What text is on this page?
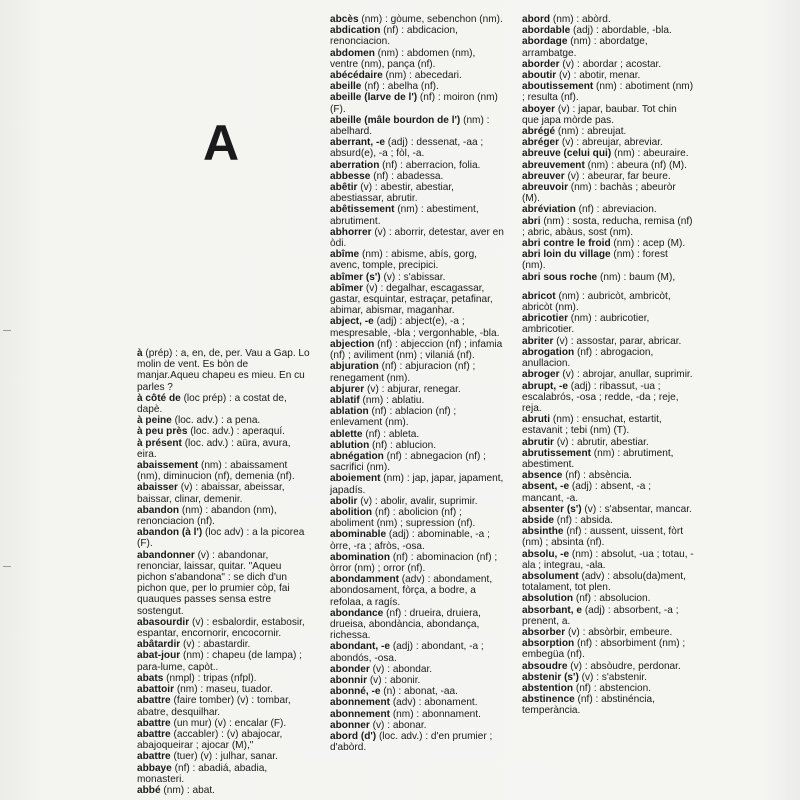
A
à (prép) : a, en, de, per. Vau a Gap. Lo molin de vent. Es bòn de manjar.Aqueu chapeu es mieu. En cu parles ?
à côté de (loc prép) : a costat de, dapè.
à peine (loc. adv.) : a pena.
à peu près (loc. adv.) : aperaquí.
à présent (loc. adv.) : aüra, avura, eira.
abaissement (nm) : abaissament (nm), diminucion (nf), demenia (nf).
abaisser (v) : abaissar, abeissar, baissar, clinar, demenir.
abandon (nm) : abandon (nm), renonciacion (nf).
abandon (à l') (loc adv) : a la picorea (F).
abandonner (v) : abandonar, renonciar, laissar, quitar. "Aqueu pichon s'abandona" : se dich d'un pichon que, per lo prumier còp, fai quauques passes sensa estre sostengut.
abasourdir (v) : esbalordir, estabosir, espantar, encornorir, encocornir.
abâtardir (v) : abastardir.
abat-jour (nm) : chapeu (de lampa) ; para-lume, capòt..
abats (nmpl) : tripas (nfpl).
abattoir (nm) : maseu, tuador.
abattre (faire tomber) (v) : tombar, abatre, desquilhar.
abattre (un mur) (v) : encalar (F).
abattre (accabler) : (v) abajocar, abajoqueirar ; ajocar (M),"
abattre (tuer) (v) : julhar, sanar.
abbaye (nf) : abadiá, abadia, monasteri.
abbé (nm) : abat.
abcès (nm) : gòume, sebenchon (nm).
abdication (nf) : abdicacion, renonciacion.
abdomen (nm) : abdomen (nm), ventre (nm), pança (nf).
abécédaire (nm) : abecedari.
abeille (nf) : abelha (nf).
abeille (larve de l') (nf) : moiron (nm) (F).
abeille (mâle bourdon de l') (nm) : abelhard.
aberrant, -e (adj) : dessenat, -aa ; absurd(e), -a ; fòl, -a.
aberration (nf) : aberracion, folia.
abbesse (nf) : abadessa.
abêtir (v) : abestir, abestiar, abestiassar, abrutir.
abêtissement (nm) : abestiment, abrutiment.
abhorrer (v) : aborrir, detestar, aver en òdi.
abîme (nm) : abisme, abís, gorg, avenc, tomple, precipici.
abîmer (s') (v) : s'abissar.
abîmer (v) : degalhar, escagassar, gastar, esquintar, estraçar, petafinar, abimar, abismar, maganhar.
abject, -e (adj) : abject(e), -a ; mespresable, -bla ; vergonhable, -bla.
abjection (nf) : abjeccion (nf) ; infamia (nf) ; aviliment (nm) ; vilaniá (nf).
abjuration (nf) : abjuracion (nf) ; renegament (nm).
abjurer (v) : abjurar, renegar.
ablatif (nm) : ablatiu.
ablation (nf) : ablacion (nf) ; enlevament (nm).
ablette (nf) : ableta.
ablution (nf) : ablucion.
abnégation (nf) : abnegacion (nf) ; sacrifici (nm).
aboiement (nm) : jap, japar, japament, japadís.
abolir (v) : abolir, avalir, suprimir.
abolition (nf) : abolicion (nf) ; aboliment (nm) ; supression (nf).
abominable (adj) : abominable, -a ; òrre, -ra ; afròs, -osa.
abomination (nf) : abominacion (nf) ; òrror (nm) ; orror (nf).
abondamment (adv) : abondament, abondosament, fòrça, a bodre, a refolaa, a ragís.
abondance (nf) : drueira, druiera, drueisa, abondància, abondança, richessa.
abondant, -e (adj) : abondant, -a ; abondós, -osa.
abonder (v) : abondar.
abonnir (v) : abonir.
abonné, -e (n) : abonat, -aa.
abonnement (adv) : abonament.
abonnement (nm) : abonnament.
abonner (v) : abonar.
abord (d') (loc. adv.) : d'en prumier ; d'abòrd.
abord (nm) : abòrd.
abordable (adj) : abordable, -bla.
abordage (nm) : abordatge, arrambatge.
aborder (v) : abordar ; acostar.
aboutir (v) : abotir, menar.
aboutissement (nm) : abotiment (nm) ; resulta (nf).
aboyer (v) : japar, baubar. Tot chin que japa mòrde pas.
abrégé (nm) : abreujat.
abréger (v) : abreujar, abreviar.
abreuve (celui qui) (nm) : abeuraire.
abreuvement (nm) : abeura (nf) (M).
abreuver (v) : abeurar, far beure.
abreuvoir (nm) : bachàs ; abeuròr (M).
abréviation (nf) : abreviacion.
abri (nm) : sosta, reducha, remisa (nf) ; abric, abàus, sost (nm).
abri contre le froid (nm) : acep (M).
abri loin du village (nm) : forest (nm).
abri sous roche (nm) : baum (M),
abricot (nm) : aubricòt, ambricòt, abricòt (nm).
abricotier (nm) : aubricotier, ambricotier.
abriter (v) : assostar, parar, abricar.
abrogation (nf) : abrogacion, anullacion.
abroger (v) : abrojar, anullar, suprimir.
abrupt, -e (adj) : ribassut, -ua ; escalabrós, -osa ; redde, -da ; reje, reja.
abruti (nm) : ensuchat, estartit, estavanit ; tebi (nm) (T).
abrutir (v) : abrutir, abestiar.
abrutissement (nm) : abrutiment, abestiment.
absence (nf) : absència.
absent, -e (adj) : absent, -a ; mancant, -a.
absenter (s') (v) : s'absentar, mancar.
abside (nf) : absida.
absinthe (nf) : aussent, uissent, fòrt (nm) ; absinta (nf).
absolu, -e (nm) : absolut, -ua ; totau, -ala ; integrau, -ala.
absolument (adv) : absolu(da)ment, totalament, tot plen.
absolution (nf) : absolucion.
absorbant, e (adj) : absorbent, -a ; prenent, a.
absorber (v) : absòrbir, embeure.
absorption (nf) : absorbiment (nm) ; embegüa (nf).
absoudre (v) : absòudre, perdonar.
abstenir (s') (v) : s'abstenir.
abstention (nf) : abstencion.
abstinence (nf) : abstinéncia, temperància.
